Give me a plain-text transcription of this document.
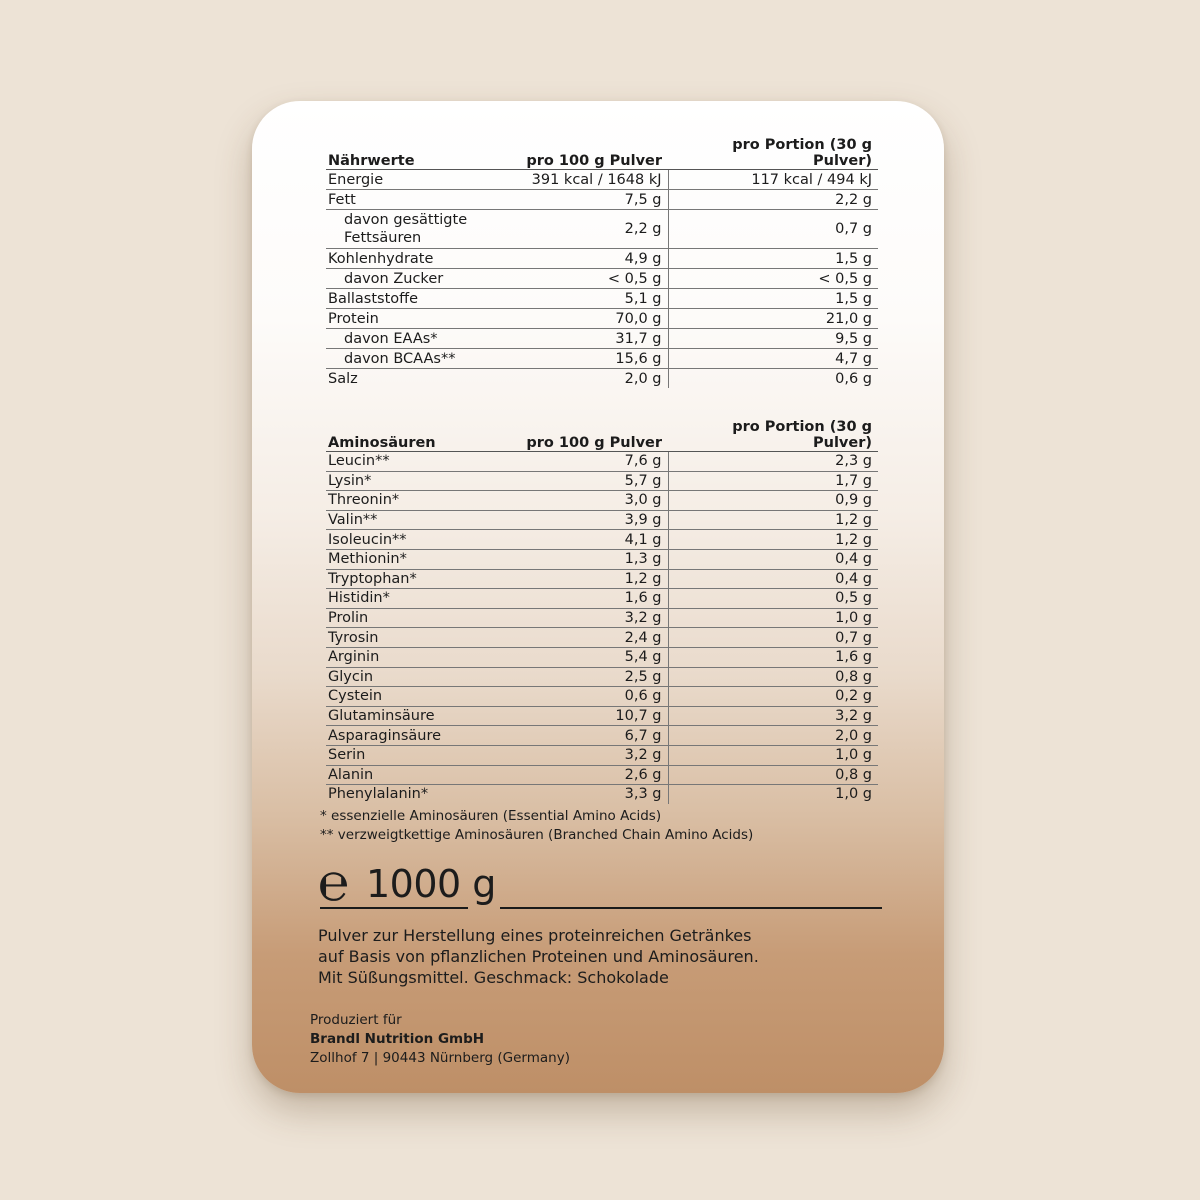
Nährwerte	pro 100 g Pulver	pro Portion (30 g Pulver)
Energie	391 kcal / 1648 kJ	117 kcal / 494 kJ
Fett	7,5 g	2,2 g

davon gesättigte
Fettsäuren	2,2 g	0,7 g
Kohlenhydrate	4,9 g	1,5 g
davon Zucker	< 0,5 g	< 0,5 g
Ballaststoffe	5,1 g	1,5 g
Protein	70,0 g	21,0 g
davon EAAs*	31,7 g	9,5 g
davon BCAAs**	15,6 g	4,7 g
Salz	2,0 g	0,6 g
Aminosäuren	pro 100 g Pulver	pro Portion (30 g Pulver)
Leucin**	7,6 g	2,3 g
Lysin*	5,7 g	1,7 g
Threonin*	3,0 g	0,9 g
Valin**	3,9 g	1,2 g
Isoleucin**	4,1 g	1,2 g
Methionin*	1,3 g	0,4 g
Tryptophan*	1,2 g	0,4 g
Histidin*	1,6 g	0,5 g
Prolin	3,2 g	1,0 g
Tyrosin	2,4 g	0,7 g
Arginin	5,4 g	1,6 g
Glycin	2,5 g	0,8 g
Cystein	0,6 g	0,2 g
Glutaminsäure	10,7 g	3,2 g
Asparaginsäure	6,7 g	2,0 g
Serin	3,2 g	1,0 g
Alanin	2,6 g	0,8 g
Phenylalanin*	3,3 g	1,0 g
* essenzielle Aminosäuren (Essential Amino Acids)
** verzweigtkettige Aminosäuren (Branched Chain Amino Acids)
℮ 1000 g
Pulver zur Herstellung eines proteinreichen Getränkes
auf Basis von pflanzlichen Proteinen und Aminosäuren.
Mit Süßungsmittel. Geschmack: Schokolade
Produziert für
Brandl Nutrition GmbH
Zollhof 7 | 90443 Nürnberg (Germany)
